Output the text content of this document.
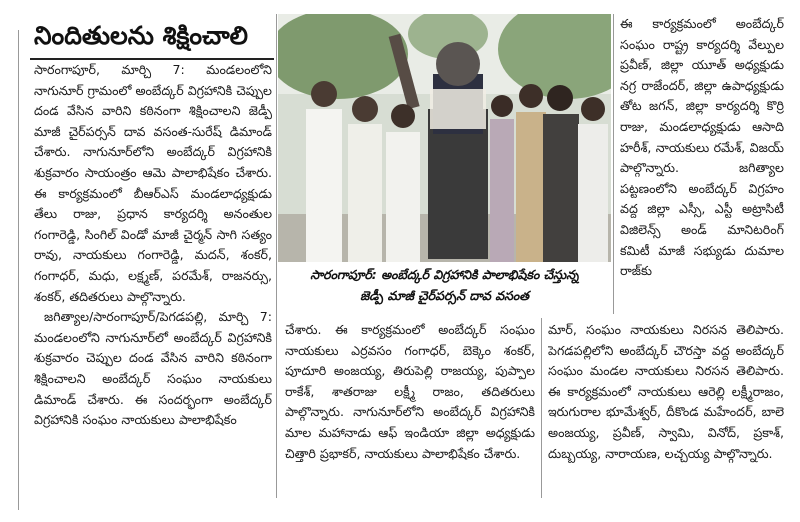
నిందితులను శిక్షించాలి

సారంగాపూర్, మార్చి 7: మండలంలోని నాగునూర్ గ్రామంలో అంబేద్కర్ విగ్రహానికి చెప్పుల దండ వేసిన వారిని కఠినంగా శిక్షించాలని జెడ్పీ మాజీ చైర్‌పర్సన్ దావ వసంత-సురేష్ డిమాండ్ చేశారు. నాగునూర్‌లోని అంబేద్కర్ విగ్రహానికి శుక్రవారం సాయంత్రం ఆమె పాలాభిషేకం చేశారు. ఈ కార్యక్రమంలో బీఆర్ఎస్ మండలాధ్యక్షుడు తేలు రాజు, ప్రధాన కార్యదర్శి అనంతుల గంగారెడ్డి, సింగిల్ విండో మాజీ చైర్మన్ సాగి సత్యం రావు, నాయకులు గంగారెడ్డి, మదన్, శంకర్, గంగాధర్, మధు, లక్ష్మణ్, పరమేశ్, రాజనర్సు, శంకర్, తదితరులు పాల్గొన్నారు.

జగిత్యాల/సారంగాపూర్/పెగడపల్లి, మార్చి 7: మండలంలోని నాగునూర్‌లో అంబేద్కర్ విగ్రహానికి శుక్రవారం చెప్పుల దండ వేసిన వారిని కఠినంగా శిక్షించాలని అంబేద్కర్ సంఘం నాయకులు డిమాండ్ చేశారు. ఈ సందర్భంగా అంబేద్కర్ విగ్రహానికి సంఘం నాయకులు పాలాభిషేకం

సారంగాపూర్: అంబేద్కర్ విగ్రహానికి పాలాభిషేకం చేస్తున్న
జెడ్పీ మాజీ చైర్‌పర్సన్ దావ వసంత

చేశారు. ఈ కార్యక్రమంలో అంబేద్కర్ సంఘం నాయకులు ఎర్రవసం గంగాధర్, బెక్కెం శంకర్, పూదూరి అంజయ్య, తిరుపెల్లి రాజయ్య, పుప్పాల రాకేశ్, శాతరాజు లక్ష్మీ రాజం, తదితరులు పాల్గొన్నారు. నాగునూర్‌లోని అంబేద్కర్ విగ్రహానికి మాల మహానాడు ఆఫ్ ఇండియా జిల్లా అధ్యక్షుడు చిత్తారి ప్రభాకర్, నాయకులు పాలాభిషేకం చేశారు.

ఈ కార్యక్రమంలో అంబేద్కర్ సంఘం రాష్ట్ర కార్యదర్శి వేల్పుల ప్రవీణ్, జిల్లా యూత్ అధ్యక్షుడు నగ్ర రాజేందర్, జిల్లా ఉపాధ్యక్షుడు తోట జగన్, జిల్లా కార్యదర్శి కొర్రి రాజు, మండలాధ్యక్షుడు ఆసాది హరీశ్, నాయకులు రమేశ్, విజయ్ పాల్గొన్నారు. జగిత్యాల పట్టణంలోని అంబేద్కర్ విగ్రహం వద్ద జిల్లా ఎస్సీ, ఎస్టీ అట్రాసిటీ విజిలెన్స్ అండ్ మానిటరింగ్ కమిటీ మాజీ సభ్యుడు దుమాల రాజ్‌కు

మార్, సంఘం నాయకులు నిరసన తెలిపారు. పెగడపల్లిలోని అంబేద్కర్ చౌరస్తా వద్ద అంబేద్కర్ సంఘం మండల నాయకులు నిరసన తెలిపారు. ఈ కార్యక్రమంలో నాయకులు ఆరెల్లి లక్ష్మీరాజం, ఇరుగురాల భూమేశ్వర్, దీకొండ మహేందర్, బాలె అంజయ్య, ప్రవీణ్, స్వామి, వినోద్, ప్రకాశ్, దుబ్బయ్య, నారాయణ, లచ్చయ్య పాల్గొన్నారు.
